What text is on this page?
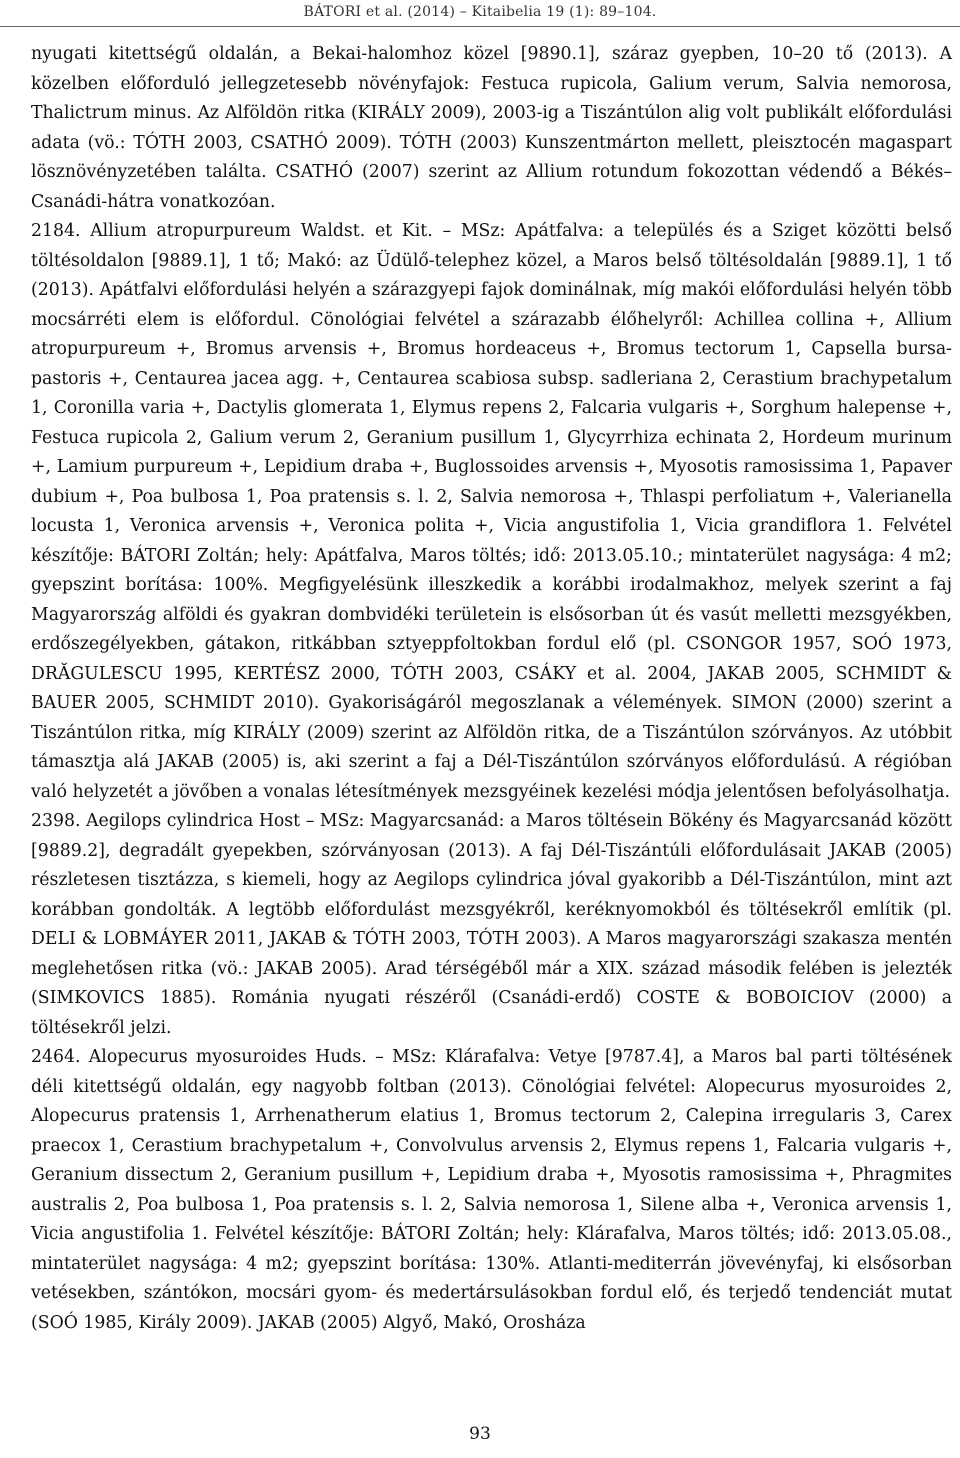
BÁTORI et al. (2014) – Kitaibelia 19 (1): 89–104.

nyugati kitettségű oldalán, a Bekai-halomhoz közel [9890.1], száraz gyepben, 10–20 tő (2013). A közelben előforduló jellegzetesebb növényfajok: Festuca rupicola, Galium verum, Salvia nemorosa, Thalictrum minus. Az Alföldön ritka (KIRÁLY 2009), 2003-ig a Tiszántúlon alig volt publikált előfordulási adata (vö.: TÓTH 2003, CSATHÓ 2009). TÓTH (2003) Kunszentmárton mellett, pleisztocén magaspart lösznövényzetében találta. CSATHÓ (2007) szerint az Allium rotundum fokozottan védendő a Békés–Csanádi-hátra vonatkozóan.

2184. Allium atropurpureum Waldst. et Kit. – MSz: Apátfalva: a település és a Sziget közötti belső töltésoldalon [9889.1], 1 tő; Makó: az Üdülő-telephez közel, a Maros belső töltésoldalán [9889.1], 1 tő (2013). Apátfalvi előfordulási helyén a szárazgyepi fajok dominálnak, míg makói előfordulási helyén több mocsárréti elem is előfordul. Cönológiai felvétel a szárazabb élőhelyről: Achillea collina +, Allium atropurpureum +, Bromus arvensis +, Bromus hordeaceus +, Bromus tectorum 1, Capsella bursa-pastoris +, Centaurea jacea agg. +, Centaurea scabiosa subsp. sadleriana 2, Cerastium brachypetalum 1, Coronilla varia +, Dactylis glomerata 1, Elymus repens 2, Falcaria vulgaris +, Sorghum halepense +, Festuca rupicola 2, Galium verum 2, Geranium pusillum 1, Glycyrrhiza echinata 2, Hordeum murinum +, Lamium purpureum +, Lepidium draba +, Buglossoides arvensis +, Myosotis ramosissima 1, Papaver dubium +, Poa bulbosa 1, Poa pratensis s. l. 2, Salvia nemorosa +, Thlaspi perfoliatum +, Valerianella locusta 1, Veronica arvensis +, Veronica polita +, Vicia angustifolia 1, Vicia grandiflora 1. Felvétel készítője: BÁTORI Zoltán; hely: Apátfalva, Maros töltés; idő: 2013.05.10.; mintaterület nagysága: 4 m2; gyepszint borítása: 100%. Megfigyelésünk illeszkedik a korábbi irodalmakhoz, melyek szerint a faj Magyarország alföldi és gyakran dombvidéki területein is elsősorban út és vasút melletti mezsgyékben, erdőszegélyekben, gátakon, ritkábban sztyeppfoltokban fordul elő (pl. CSONGOR 1957, SOÓ 1973, DRĂGULESCU 1995, KERTÉSZ 2000, TÓTH 2003, CSÁKY et al. 2004, JAKAB 2005, SCHMIDT & BAUER 2005, SCHMIDT 2010). Gyakoriságáról megoszlanak a vélemények. SIMON (2000) szerint a Tiszántúlon ritka, míg KIRÁLY (2009) szerint az Alföldön ritka, de a Tiszántúlon szórványos. Az utóbbit támasztja alá JAKAB (2005) is, aki szerint a faj a Dél-Tiszántúlon szórványos előfordulású. A régióban való helyzetét a jövőben a vonalas létesítmények mezsgyéinek kezelési módja jelentősen befolyásolhatja.

2398. Aegilops cylindrica Host – MSz: Magyarcsanád: a Maros töltésein Bökény és Magyarcsanád között [9889.2], degradált gyepekben, szórványosan (2013). A faj Dél-Tiszántúli előfordulásait JAKAB (2005) részletesen tisztázza, s kiemeli, hogy az Aegilops cylindrica jóval gyakoribb a Dél-Tiszántúlon, mint azt korábban gondolták. A legtöbb előfordulást mezsgyékről, keréknyomokból és töltésekről említik (pl. DELI & LOBMÁYER 2011, JAKAB & TÓTH 2003, TÓTH 2003). A Maros magyarországi szakasza mentén meglehetősen ritka (vö.: JAKAB 2005). Arad térségéből már a XIX. század második felében is jelezték (SIMKOVICS 1885). Románia nyugati részéről (Csanádi-erdő) COSTE & BOBOICIOV (2000) a töltésekről jelzi.

2464. Alopecurus myosuroides Huds. – MSz: Klárafalva: Vetye [9787.4], a Maros bal parti töltésének déli kitettségű oldalán, egy nagyobb foltban (2013). Cönológiai felvétel: Alopecurus myosuroides 2, Alopecurus pratensis 1, Arrhenatherum elatius 1, Bromus tectorum 2, Calepina irregularis 3, Carex praecox 1, Cerastium brachypetalum +, Convolvulus arvensis 2, Elymus repens 1, Falcaria vulgaris +, Geranium dissectum 2, Geranium pusillum +, Lepidium draba +, Myosotis ramosissima +, Phragmites australis 2, Poa bulbosa 1, Poa pratensis s. l. 2, Salvia nemorosa 1, Silene alba +, Veronica arvensis 1, Vicia angustifolia 1. Felvétel készítője: BÁTORI Zoltán; hely: Klárafalva, Maros töltés; idő: 2013.05.08., mintaterület nagysága: 4 m2; gyepszint borítása: 130%. Atlanti-mediterrán jövevényfaj, ki elsősorban vetésekben, szántókon, mocsári gyom- és medertársulásokban fordul elő, és terjedő tendenciát mutat (SOÓ 1985, Király 2009). JAKAB (2005) Algyő, Makó, Orosháza

93
